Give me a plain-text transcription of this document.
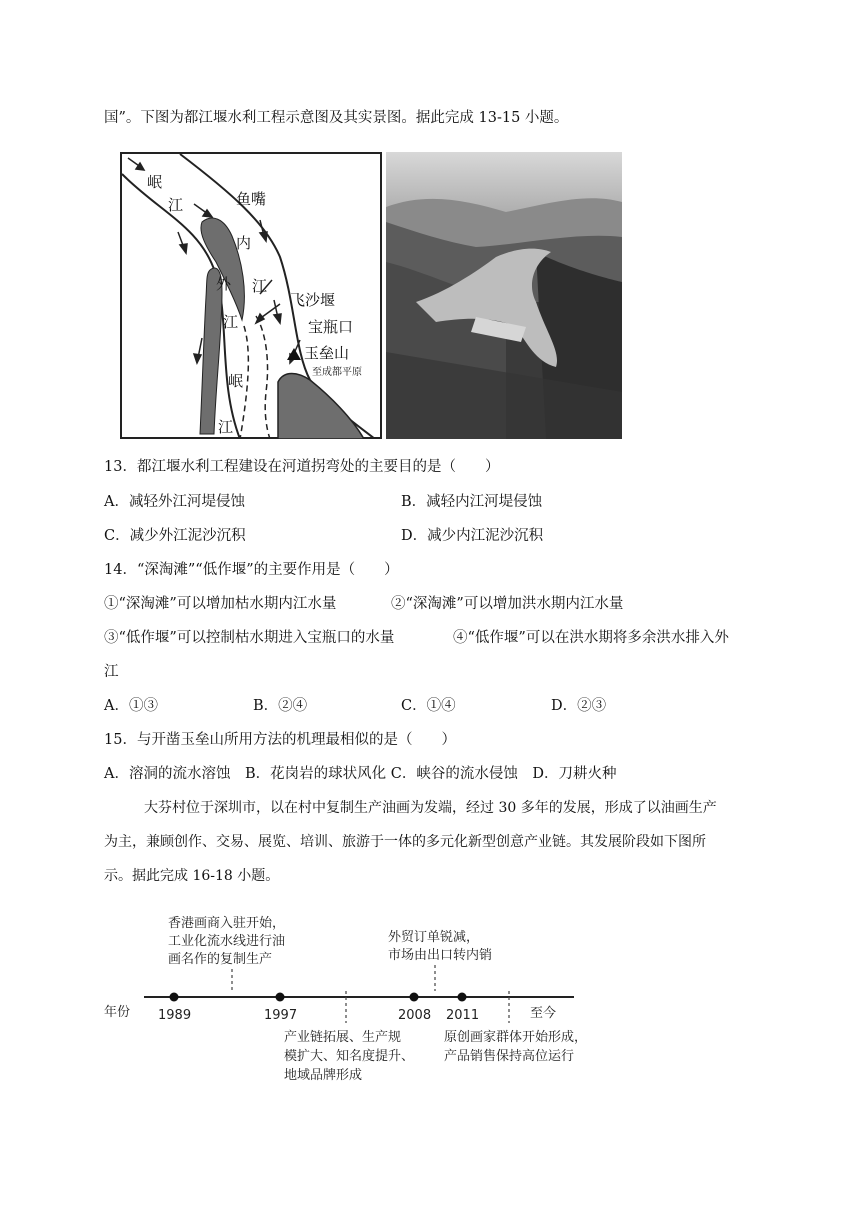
国”。下图为都江堰水利工程示意图及其实景图。据此完成 13-15 小题。
岷
江	鱼嘴
内
江
外
江
飞沙堰
宝瓶口
玉垒山
岷
江
至成都平原
13．都江堰水利工程建设在河道拐弯处的主要目的是（　　）
A．减轻外江河堤侵蚀	B．减轻内江河堤侵蚀
C．减少外江泥沙沉积	D．减少内江泥沙沉积
14．“深淘滩”“低作堰”的主要作用是（　　）
①“深淘滩”可以增加枯水期内江水量	②“深淘滩”可以增加洪水期内江水量
③“低作堰”可以控制枯水期进入宝瓶口的水量	④“低作堰”可以在洪水期将多余洪水排入外
江
A．①③	B．②④	C．①④	D．②③
15．与开凿玉垒山所用方法的机理最相似的是（　　）
A．溶洞的流水溶蚀　B．花岗岩的球状风化 C．峡谷的流水侵蚀　D．刀耕火种
大芬村位于深圳市，以在村中复制生产油画为发端，经过 30 多年的发展，形成了以油画生产
为主，兼顾创作、交易、展览、培训、旅游于一体的多元化新型创意产业链。其发展阶段如下图所
示。据此完成 16-18 小题。
香港画商入驻开始，
工业化流水线进行油
画名作的复制生产
外贸订单锐减，
市场由出口转内销
年份 1989	1997	2008 2011	至今
产业链拓展、生产规
模扩大、知名度提升、
地域品牌形成
原创画家群体开始形成，
产品销售保持高位运行
